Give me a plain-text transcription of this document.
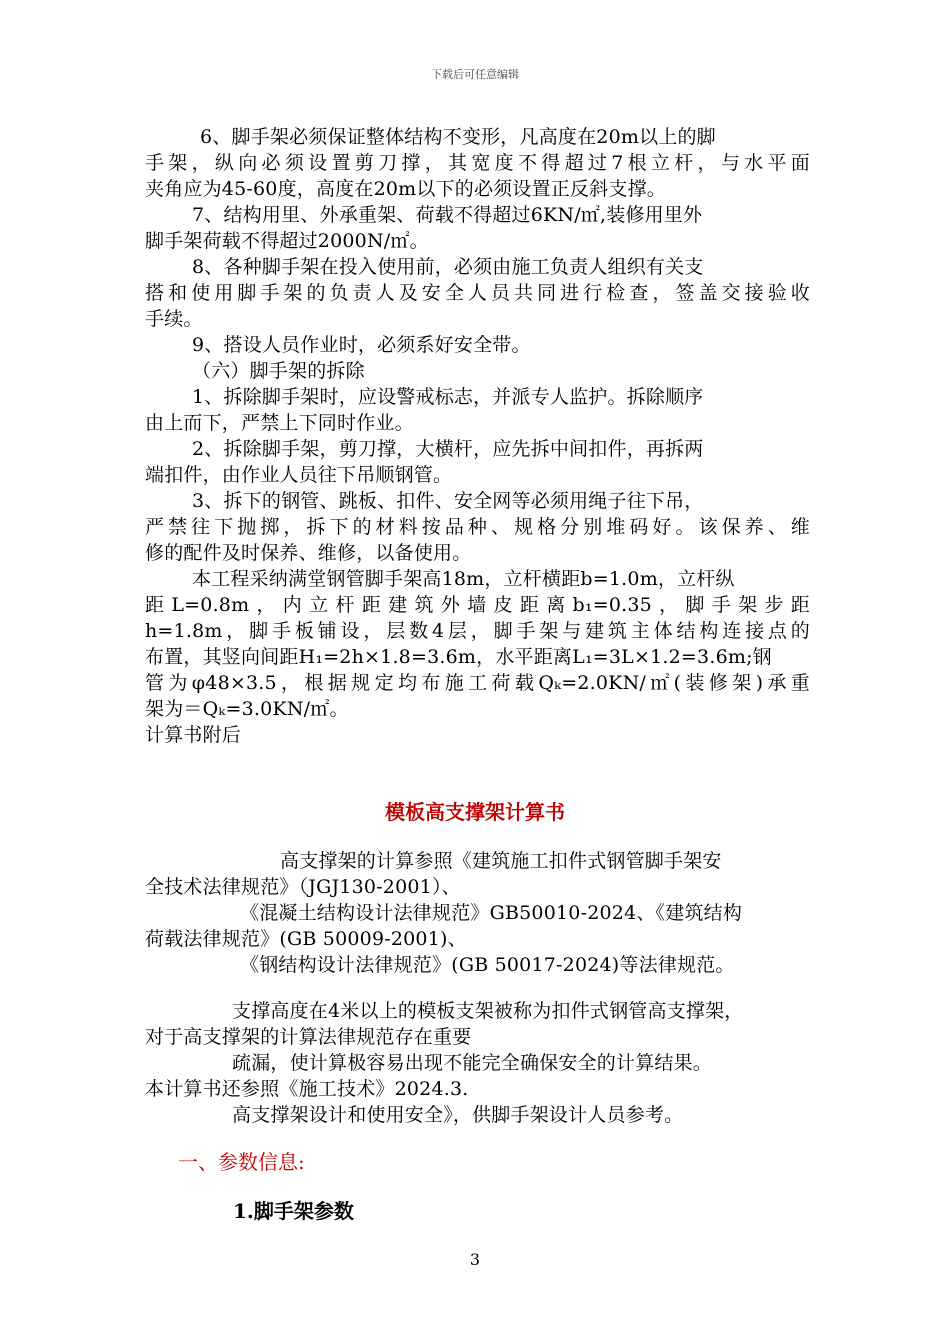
下载后可任意编辑
6、脚手架必须保证整体结构不变形，凡高度在20m以上的脚
手架，纵向必须设置剪刀撑，其宽度不得超过7根立杆，与水平面
夹角应为45-60度，高度在20m以下的必须设置正反斜支撑。
7、结构用里、外承重架、荷载不得超过6KN/㎡,装修用里外
脚手架荷载不得超过2000N/㎡。
8、各种脚手架在投入使用前，必须由施工负责人组织有关支
搭和使用脚手架的负责人及安全人员共同进行检查，签盖交接验收
手续。
9、搭设人员作业时，必须系好安全带。
（六）脚手架的拆除
1、拆除脚手架时，应设警戒标志，并派专人监护。拆除顺序
由上而下，严禁上下同时作业。
2、拆除脚手架，剪刀撑，大横杆，应先拆中间扣件，再拆两
端扣件，由作业人员往下吊顺钢管。
3、拆下的钢管、跳板、扣件、安全网等必须用绳子往下吊，
严禁往下抛掷，拆下的材料按品种、规格分别堆码好。该保养、维
修的配件及时保养、维修，以备使用。
本工程采纳满堂钢管脚手架高18m，立杆横距b=1.0m，立杆纵
距L=0.8m，内立杆距建筑外墙皮距离b₁=0.35，脚手架步距
h=1.8m，脚手板铺设，层数4层，脚手架与建筑主体结构连接点的
布置，其竖向间距H₁=2h×1.8=3.6m，水平距离L₁=3L×1.2=3.6m;钢
管为φ48×3.5，根据规定均布施工荷载Qₖ=2.0KN/㎡(装修架)承重
架为＝Qₖ=3.0KN/㎡。
计算书附后
模板高支撑架计算书
高支撑架的计算参照《建筑施工扣件式钢管脚手架安
全技术法律规范》（JGJ130-2001）、
《混凝土结构设计法律规范》GB50010-2024、《建筑结构
荷载法律规范》(GB 50009-2001)、
《钢结构设计法律规范》(GB 50017-2024)等法律规范。
支撑高度在4米以上的模板支架被称为扣件式钢管高支撑架，
对于高支撑架的计算法律规范存在重要
疏漏，使计算极容易出现不能完全确保安全的计算结果。
本计算书还参照《施工技术》2024.3.
高支撑架设计和使用安全》，供脚手架设计人员参考。
一、参数信息:
1.脚手架参数
3
